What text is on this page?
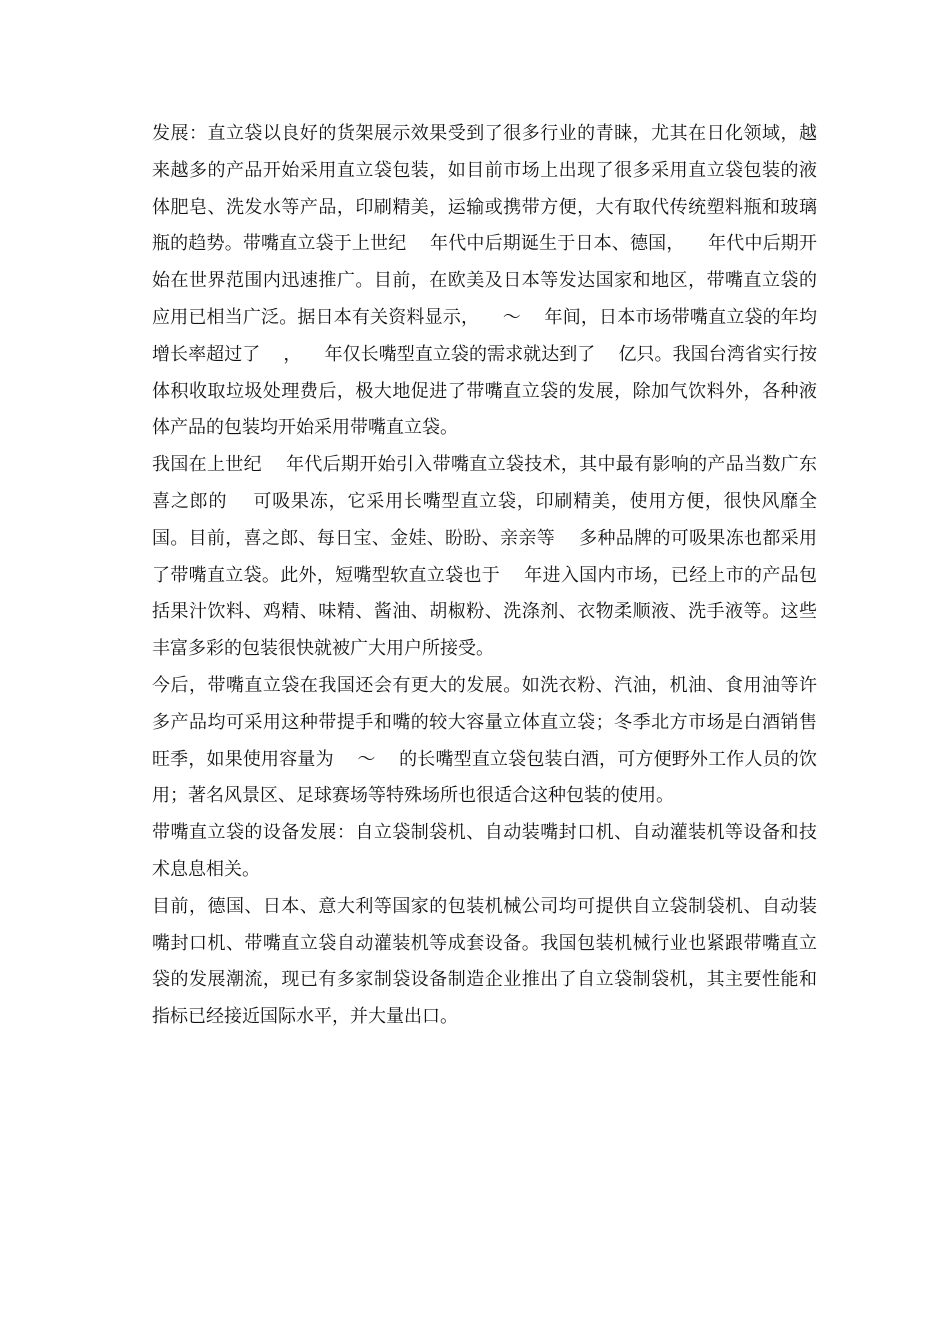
发展：直立袋以良好的货架展示效果受到了很多行业的青睐，尤其在日化领域，越来越多的产品开始采用直立袋包装，如目前市场上出现了很多采用直立袋包装的液体肥皂、洗发水等产品，印刷精美，运输或携带方便，大有取代传统塑料瓶和玻璃瓶的趋势。带嘴直立袋于上世纪    年代中后期诞生于日本、德国，    年代中后期开始在世界范围内迅速推广。目前，在欧美及日本等发达国家和地区，带嘴直立袋的应用已相当广泛。据日本有关资料显示，    ～    年间，日本市场带嘴直立袋的年均增长率超过了    ，    年仅长嘴型直立袋的需求就达到了    亿只。我国台湾省实行按体积收取垃圾处理费后，极大地促进了带嘴直立袋的发展，除加气饮料外，各种液体产品的包装均开始采用带嘴直立袋。

我国在上世纪    年代后期开始引入带嘴直立袋技术，其中最有影响的产品当数广东喜之郎的    可吸果冻，它采用长嘴型直立袋，印刷精美，使用方便，很快风靡全国。目前，喜之郎、每日宝、金娃、盼盼、亲亲等    多种品牌的可吸果冻也都采用了带嘴直立袋。此外，短嘴型软直立袋也于    年进入国内市场，已经上市的产品包括果汁饮料、鸡精、味精、酱油、胡椒粉、洗涤剂、衣物柔顺液、洗手液等。这些丰富多彩的包装很快就被广大用户所接受。

今后，带嘴直立袋在我国还会有更大的发展。如洗衣粉、汽油，机油、食用油等许多产品均可采用这种带提手和嘴的较大容量立体直立袋；冬季北方市场是白酒销售旺季，如果使用容量为    ～    的长嘴型直立袋包装白酒，可方便野外工作人员的饮用；著名风景区、足球赛场等特殊场所也很适合这种包装的使用。

带嘴直立袋的设备发展：自立袋制袋机、自动装嘴封口机、自动灌装机等设备和技术息息相关。

目前，德国、日本、意大利等国家的包装机械公司均可提供自立袋制袋机、自动装嘴封口机、带嘴直立袋自动灌装机等成套设备。我国包装机械行业也紧跟带嘴直立袋的发展潮流，现已有多家制袋设备制造企业推出了自立袋制袋机，其主要性能和指标已经接近国际水平，并大量出口。
